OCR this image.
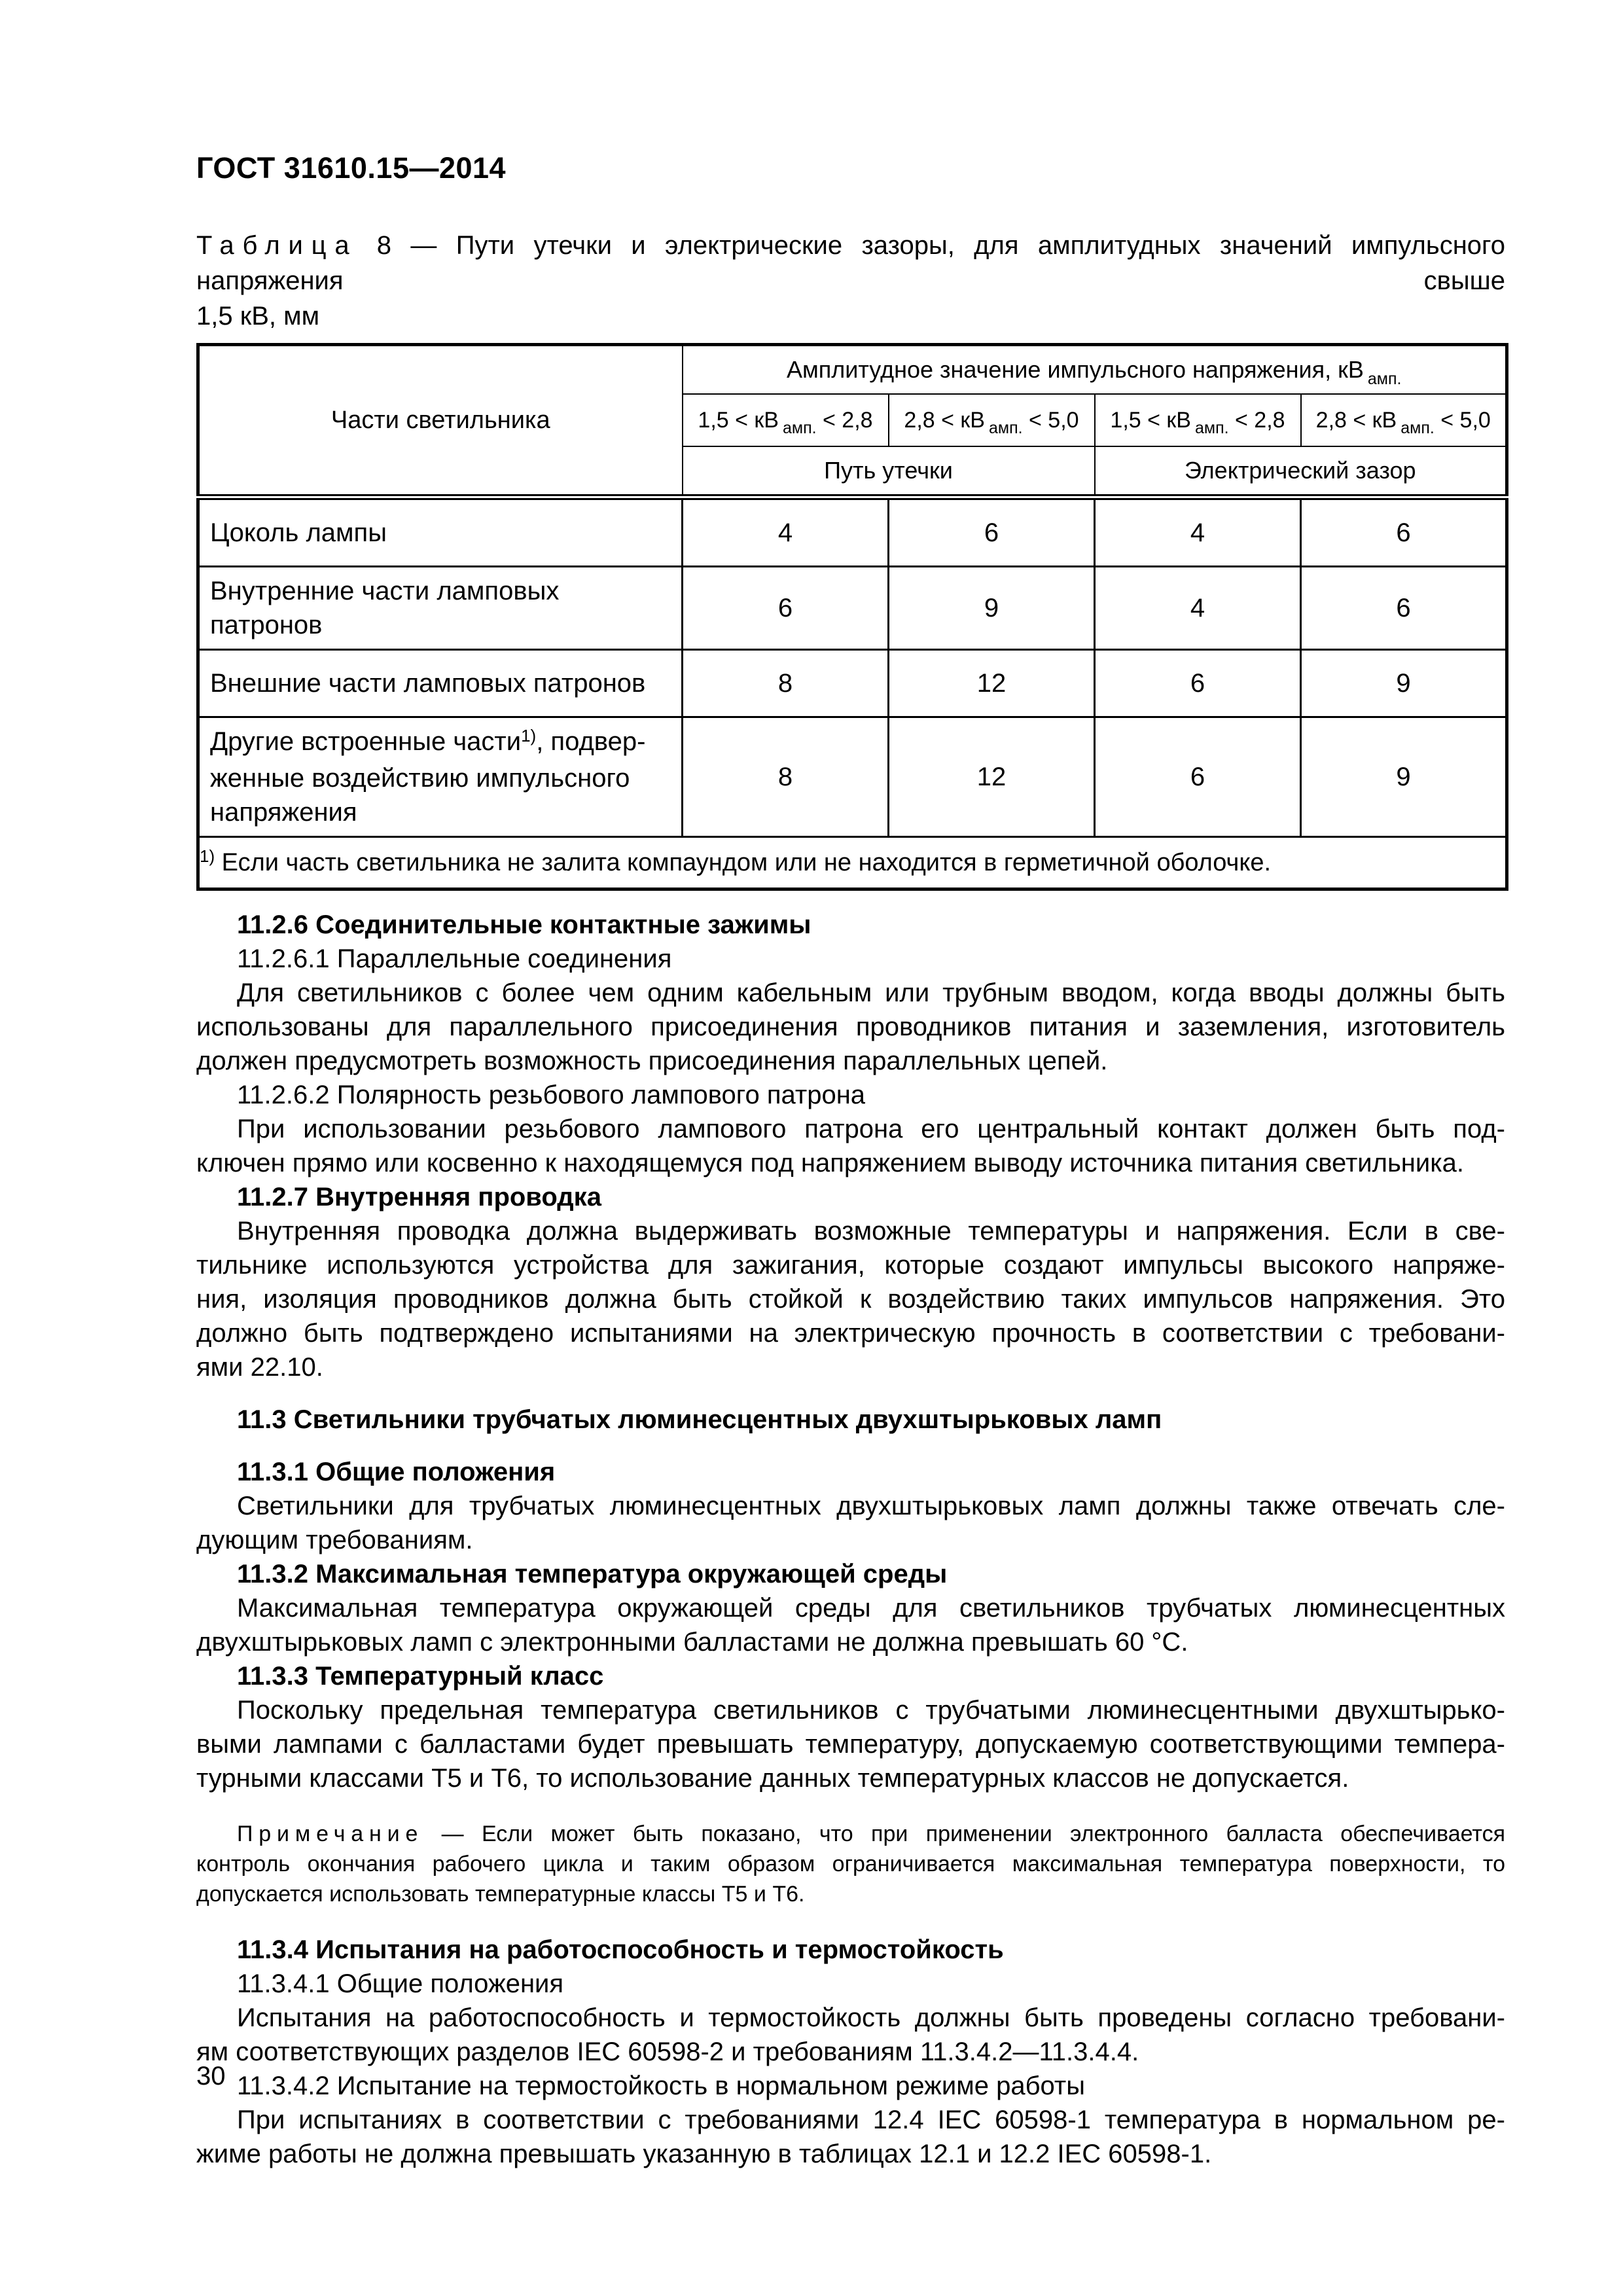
ГОСТ 31610.15—2014
Таблица 8 — Пути утечки и электрические зазоры, для амплитудных значений импульсного напряжения свыше
1,5 кВ, мм
Части светильника	Амплитудное значение импульсного напряжения, кВ $_{амп.}$
	1,5 < кВ $_{амп.}$ < 2,8	2,8 < кВ $_{амп.}$ < 5,0	1,5 < кВ $_{амп.}$ < 2,8	2,8 < кВ $_{амп.}$ < 5,0
	Путь утечки		Электрический зазор	
Цоколь лампы	4	6	4	6
Внутренние части ламповых патронов	6	9	4	6
Внешние части ламповых патронов	8	12	6	9

Другие встроенные части$^{1)}$, подвер-
женные воздействию импульсного
напряжения	8	12	6	9
$^{1)}$ Если часть светильника не залита компаундом или не находится в герметичной оболочке.				
11.2.6 Соединительные контактные зажимы
11.2.6.1 Параллельные соединения
Для светильников с более чем одним кабельным или трубным вводом, когда вводы должны быть
использованы для параллельного присоединения проводников питания и заземления, изготовитель
должен предусмотреть возможность присоединения параллельных цепей.
11.2.6.2 Полярность резьбового лампового патрона
При использовании резьбового лампового патрона его центральный контакт должен быть под-
ключен прямо или косвенно к находящемуся под напряжением выводу источника питания светильника.
11.2.7 Внутренняя проводка
Внутренняя проводка должна выдерживать возможные температуры и напряжения. Если в све-
тильнике используются устройства для зажигания, которые создают импульсы высокого напряже-
ния, изоляция проводников должна быть стойкой к воздействию таких импульсов напряжения. Это
должно быть подтверждено испытаниями на электрическую прочность в соответствии с требовани-
ями 22.10.
11.3 Светильники трубчатых люминесцентных двухштырьковых ламп
11.3.1 Общие положения
Светильники для трубчатых люминесцентных двухштырьковых ламп должны также отвечать сле-
дующим требованиям.
11.3.2 Максимальная температура окружающей среды
Максимальная температура окружающей среды для светильников трубчатых люминесцентных
двухштырьковых ламп с электронными балластами не должна превышать 60 °С.
11.3.3 Температурный класс
Поскольку предельная температура светильников с трубчатыми люминесцентными двухштырько-
выми лампами с балластами будет превышать температуру, допускаемую соответствующими темпера-
турными классами Т5 и Т6, то использование данных температурных классов не допускается.
Примечание — Если может быть показано, что при применении электронного балласта обеспечивается
контроль окончания рабочего цикла и таким образом ограничивается максимальная температура поверхности, то
допускается использовать температурные классы Т5 и Т6.
11.3.4 Испытания на работоспособность и термостойкость
11.3.4.1 Общие положения
Испытания на работоспособность и термостойкость должны быть проведены согласно требовани-
ям соответствующих разделов IEC 60598-2 и требованиям 11.3.4.2—11.3.4.4.
11.3.4.2 Испытание на термостойкость в нормальном режиме работы
При испытаниях в соответствии с требованиями 12.4 IEC 60598-1 температура в нормальном ре-
жиме работы не должна превышать указанную в таблицах 12.1 и 12.2 IEC 60598-1.
30
